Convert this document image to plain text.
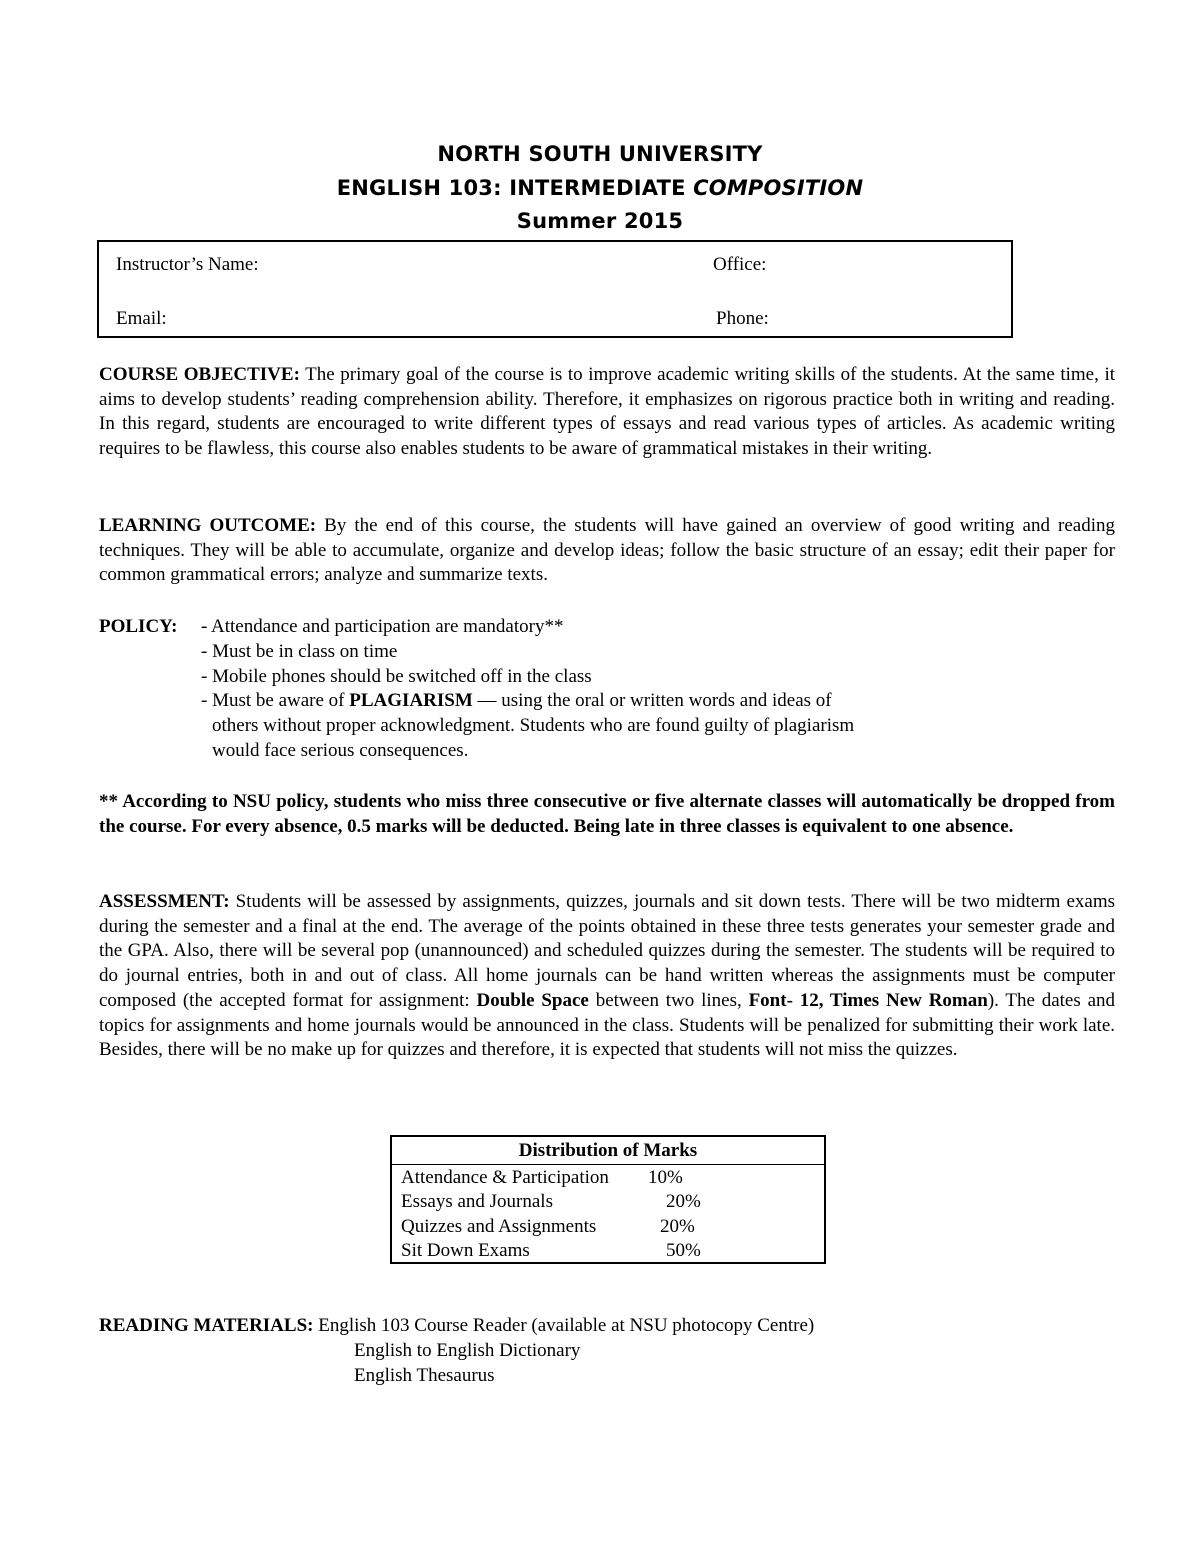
NORTH SOUTH UNIVERSITY
ENGLISH 103: INTERMEDIATE COMPOSITION
Summer 2015
Instructor’s Name:	Office:
Email:	Phone:

COURSE OBJECTIVE: The primary goal of the course is to improve academic writing skills of the students. At the same time, it aims to develop students’ reading comprehension ability. Therefore, it emphasizes on rigorous practice both in writing and reading. In this regard, students are encouraged to write different types of essays and read various types of articles. As academic writing requires to be flawless, this course also enables students to be aware of grammatical mistakes in their writing.

LEARNING OUTCOME: By the end of this course, the students will have gained an overview of good writing and reading techniques. They will be able to accumulate, organize and develop ideas; follow the basic structure of an essay; edit their paper for common grammatical errors; analyze and summarize texts.

POLICY: - Attendance and participation are mandatory**
- Must be in class on time
- Mobile phones should be switched off in the class
- Must be aware of PLAGIARISM — using the oral or written words and ideas of
others without proper acknowledgment. Students who are found guilty of plagiarism
would face serious consequences.

** According to NSU policy, students who miss three consecutive or five alternate classes will automatically be dropped from the course. For every absence, 0.5 marks will be deducted. Being late in three classes is equivalent to one absence.

ASSESSMENT: Students will be assessed by assignments, quizzes, journals and sit down tests. There will be two midterm exams during the semester and a final at the end. The average of the points obtained in these three tests generates your semester grade and the GPA. Also, there will be several pop (unannounced) and scheduled quizzes during the semester. The students will be required to do journal entries, both in and out of class. All home journals can be hand written whereas the assignments must be computer composed (the accepted format for assignment: Double Space between two lines, Font- 12, Times New Roman). The dates and topics for assignments and home journals would be announced in the class. Students will be penalized for submitting their work late. Besides, there will be no make up for quizzes and therefore, it is expected that students will not miss the quizzes.

Distribution of Marks
Attendance & Participation 10%
Essays and Journals	20%
Quizzes and Assignments	20%
Sit Down Exams	50%
READING MATERIALS: English 103 Course Reader (available at NSU photocopy Centre)
English to English Dictionary
English Thesaurus
